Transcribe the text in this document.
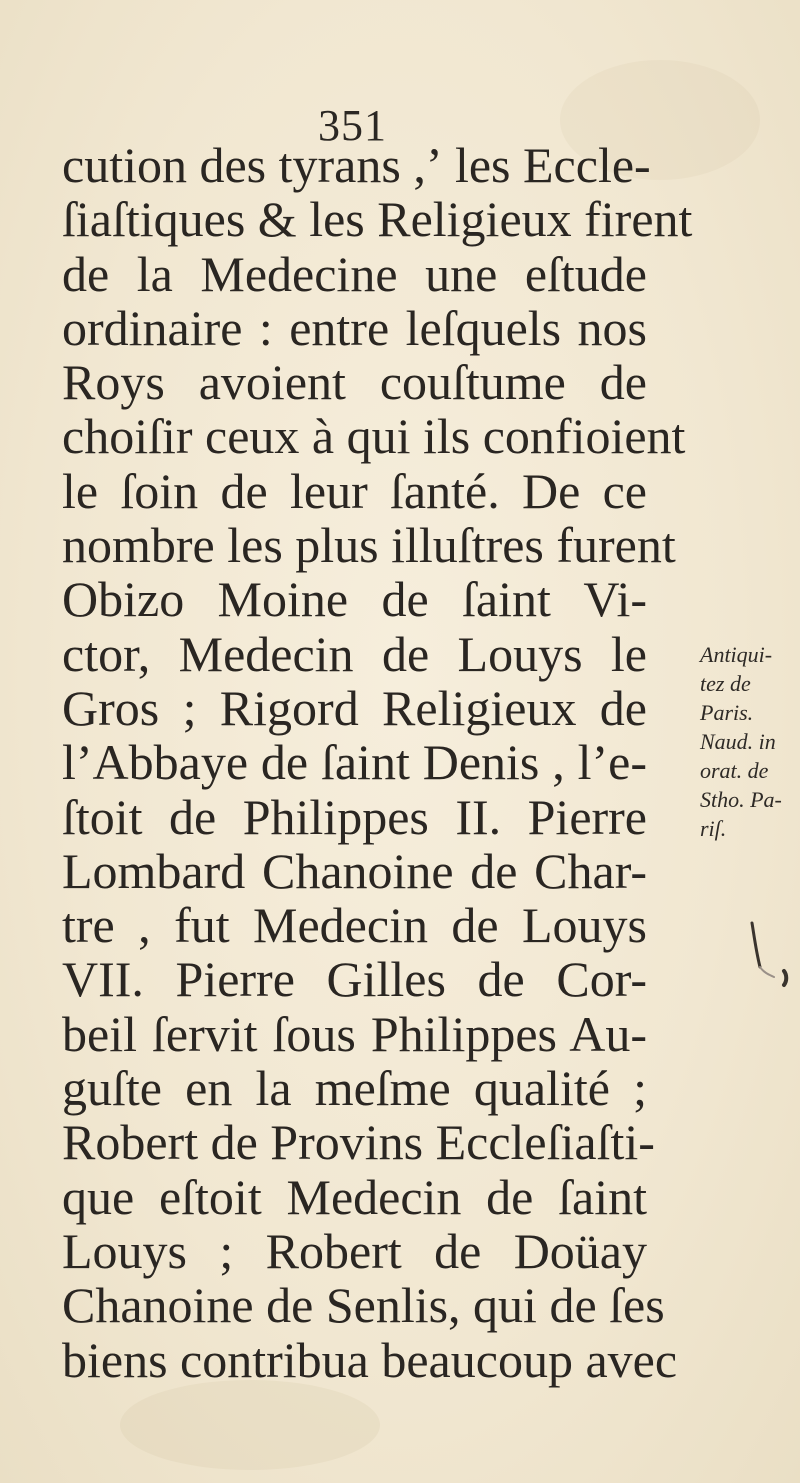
351
cution des tyrans ,ʼ les Eccle-
ſiaſtiques & les Religieux firent
de la Medecine une eſtude
ordinaire : entre leſquels nos
Roys avoient couſtume de
choiſir ceux à qui ils confioient
le ſoin de leur ſanté. De ce
nombre les plus illuſtres furent
Obizo Moine de ſaint Vi-
ctor, Medecin de Louys le
Gros ; Rigord Religieux de
l’Abbaye de ſaint Denis , l’e-
ſtoit de Philippes II. Pierre
Lombard Chanoine de Char-
tre , fut Medecin de Louys
VII. Pierre Gilles de Cor-
beil ſervit ſous Philippes Au-
guſte en la meſme qualité ;
Robert de Provins Eccleſiaſti-
que eſtoit Medecin de ſaint
Louys ; Robert de Doüay
Chanoine de Senlis, qui de ſes
biens contribua beaucoup avec
Antiqui-
tez de
Paris.
Naud. in
orat. de
Stho. Pa-
riſ.
